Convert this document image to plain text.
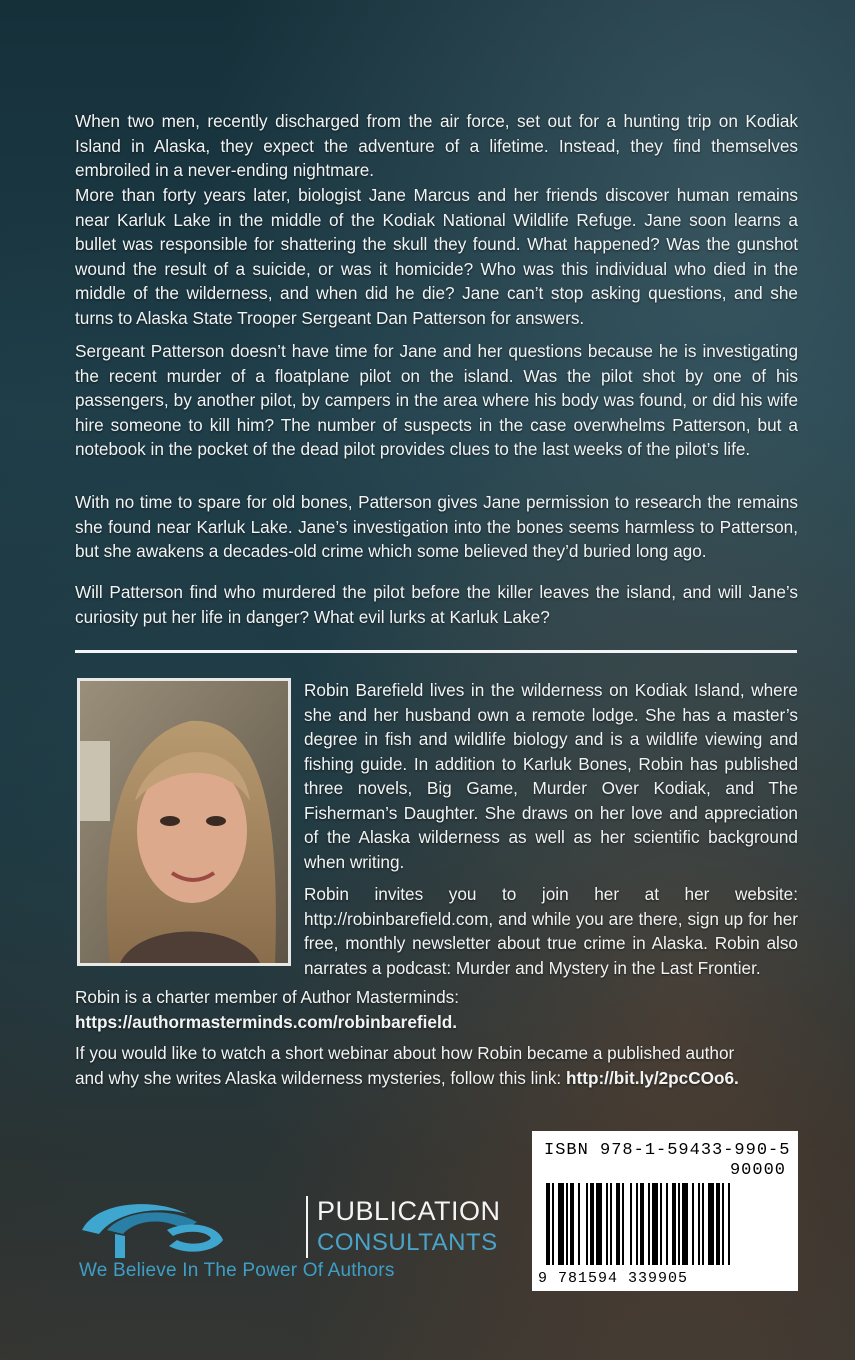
When two men, recently discharged from the air force, set out for a hunting trip on Kodiak Island in Alaska, they expect the adventure of a lifetime. Instead, they find themselves embroiled in a never-ending nightmare.
More than forty years later, biologist Jane Marcus and her friends discover human remains near Karluk Lake in the middle of the Kodiak National Wildlife Refuge. Jane soon learns a bullet was responsible for shattering the skull they found. What happened? Was the gunshot wound the result of a suicide, or was it homicide? Who was this individual who died in the middle of the wilderness, and when did he die? Jane can’t stop asking questions, and she turns to Alaska State Trooper Sergeant Dan Patterson for answers.
Sergeant Patterson doesn’t have time for Jane and her questions because he is investigating the recent murder of a floatplane pilot on the island. Was the pilot shot by one of his passengers, by another pilot, by campers in the area where his body was found, or did his wife hire someone to kill him? The number of suspects in the case overwhelms Patterson, but a notebook in the pocket of the dead pilot provides clues to the last weeks of the pilot’s life.
With no time to spare for old bones, Patterson gives Jane permission to research the remains she found near Karluk Lake. Jane’s investigation into the bones seems harmless to Patterson, but she awakens a decades-old crime which some believed they’d buried long ago.
Will Patterson find who murdered the pilot before the killer leaves the island, and will Jane’s curiosity put her life in danger? What evil lurks at Karluk Lake?
Robin Barefield lives in the wilderness on Kodiak Island, where she and her husband own a remote lodge. She has a master’s degree in fish and wildlife biology and is a wildlife viewing and fishing guide. In addition to Karluk Bones, Robin has published three novels, Big Game, Murder Over Kodiak, and The Fisherman’s Daughter. She draws on her love and appreciation of the Alaska wilderness as well as her scientific background when writing.
Robin invites you to join her at her website: http://robinbarefield.com, and while you are there, sign up for her free, monthly newsletter about true crime in Alaska. Robin also narrates a podcast: Murder and Mystery in the Last Frontier.
Robin is a charter member of Author Masterminds:
https://authormasterminds.com/robinbarefield.
If you would like to watch a short webinar about how Robin became a published author
and why she writes Alaska wilderness mysteries, follow this link: http://bit.ly/2pcCOo6.
ISBN 978-1-59433-990-5
90000
9 781594 339905
PUBLICATION
CONSULTANTS
We Believe In The Power Of Authors
